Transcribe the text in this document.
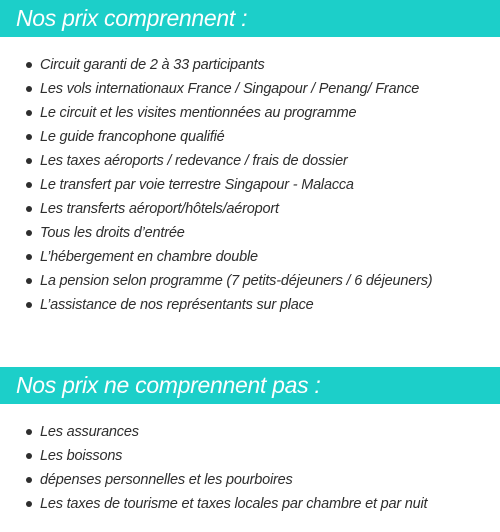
Nos prix comprennent :
Circuit garanti de 2 à 33 participants
Les vols internationaux France / Singapour / Penang/ France
Le circuit et les visites mentionnées au programme
Le guide francophone qualifié
Les taxes aéroports / redevance / frais de dossier
Le transfert par voie terrestre Singapour - Malacca
Les transferts aéroport/hôtels/aéroport
Tous les droits d’entrée
L’hébergement en chambre double
La pension selon programme (7 petits-déjeuners / 6 déjeuners)
L’assistance de nos représentants sur place
Nos prix ne comprennent pas :
Les assurances
Les boissons
dépenses personnelles et les pourboires
Les taxes de tourisme et taxes locales par chambre et par nuit
